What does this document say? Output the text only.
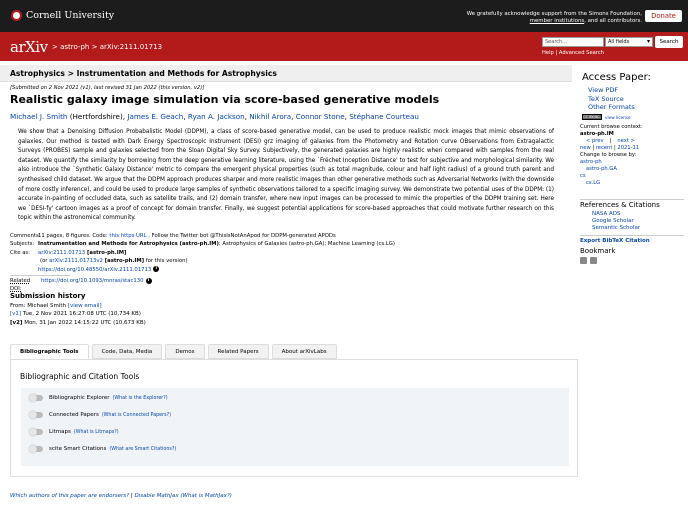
Cornell University	We gratefully acknowledge support from the Simons Foundation,
member institutions, and all contributors.
Donate
arXiv > astro-ph > arXiv:2111.01713
Search...	All fields ▾	Search
Help | Advanced Search
Astrophysics > Instrumentation and Methods for Astrophysics
[Submitted on 2 Nov 2021 (v1), last revised 31 Jan 2022 (this version, v2)]
Realistic galaxy image simulation via score-based generative models
Michael J. Smith (Hertfordshire), James E. Geach, Ryan A. Jackson, Nikhil Arora, Connor Stone, Stéphane Courteau
We show that a Denoising Diffusion Probabalistic Model (DDPM), a class of score-based generative model, can be used to produce realistic mock images that mimic observations of galaxies. Our method is tested with Dark Energy Spectroscopic Instrument (DESI) grz imaging of galaxies from the Photometry and Rotation curve OBservations from Extragalactic Surveys (PROBES) sample and galaxies selected from the Sloan Digital Sky Survey. Subjectively, the generated galaxies are highly realistic when compared with samples from the real dataset. We quantify the similarity by borrowing from the deep generative learning literature, using the `Fréchet Inception Distance' to test for subjective and morphological similarity. We also introduce the `Synthetic Galaxy Distance' metric to compare the emergent physical properties (such as total magnitude, colour and half light radius) of a ground truth parent and synthesised child dataset. We argue that the DDPM approach produces sharper and more realistic images than other generative methods such as Adversarial Networks (with the downside of more costly inference), and could be used to produce large samples of synthetic observations tailored to a specific imaging survey. We demonstrate two potential uses of the DDPM: (1) accurate in-painting of occluded data, such as satellite trails, and (2) domain transfer, where new input images can be processed to mimic the properties of the DDPM training set. Here we `DESI-fy' cartoon images as a proof of concept for domain transfer. Finally, we suggest potential applications for score-based approaches that could motivate further research on this topic within the astronomical community.
Comments:
11 pages, 8 figures. Code: this https URL . Follow the Twitter bot @ThisIsNotAnApod for DDPM-generated APODs
Subjects: Instrumentation and Methods for Astrophysics (astro-ph.IM); Astrophysics of Galaxies (astro-ph.GA); Machine Learning (cs.LG)
Cite as:	arXiv:2111.01713 [astro-ph.IM]
(or arXiv:2111.01713v2 [astro-ph.IM] for this version)
https://doi.org/10.48550/arXiv.2111.01713 i
Related DOI:
https://doi.org/10.1093/mnras/stac130 i
Submission history
From: Michael Smith [view email]
[v1] Tue, 2 Nov 2021 16:27:08 UTC (10,734 KB)
[v2] Mon, 31 Jan 2022 14:15:22 UTC (10,673 KB)
Bibliographic Tools	Code, Data, Media	Demos	Related Papers	About arXivLabs
Bibliographic and Citation Tools
Bibliographic Explorer (What is the Explorer?)
Connected Papers (What is Connected Papers?)
Litmaps (What is Litmaps?)
scite Smart Citations (What are Smart Citations?)
Which authors of this paper are endorsers? | Disable MathJax (What is MathJax?)
Access Paper:
View PDF
TeX Source
Other Formats
CC BY-NC-SA
view license
Current browse context:
astro-ph.IM
< prev | next >
new | recent | 2021-11
Change to browse by:
astro-ph
astro-ph.GA
cs
cs.LG
References & Citations
NASA ADS
Google Scholar
Semantic Scholar
Export BibTeX Citation
Bookmark
